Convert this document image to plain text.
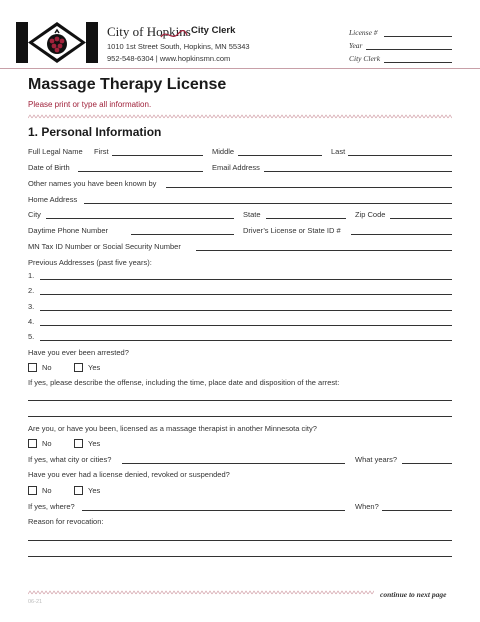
City of Hopkins City Clerk
1010 1st Street South, Hopkins, MN 55343
952-548-6304 | www.hopkinsmn.com
License #
Year
City Clerk
Massage Therapy License
Please print or type all information.
1. Personal Information
Full Legal Name First	Middle	Last
Date of Birth	Email Address
Other names you have been known by
Home Address
City	State	Zip Code
Daytime Phone Number	Driver’s License or State ID #
MN Tax ID Number or Social Security Number
Previous Addresses (past five years):
1.
2.
3.
4.
5.
Have you ever been arrested?
No	Yes
If yes, please describe the offense, including the time, place date and disposition of the arrest:
Are you, or have you been, licensed as a massage therapist in another Minnesota city?
No	Yes
If yes, what city or cities?	What years?
Have you ever had a license denied, revoked or suspended?
No	Yes
If yes, where?	When?
Reason for revocation:
continue to next page
06-21
